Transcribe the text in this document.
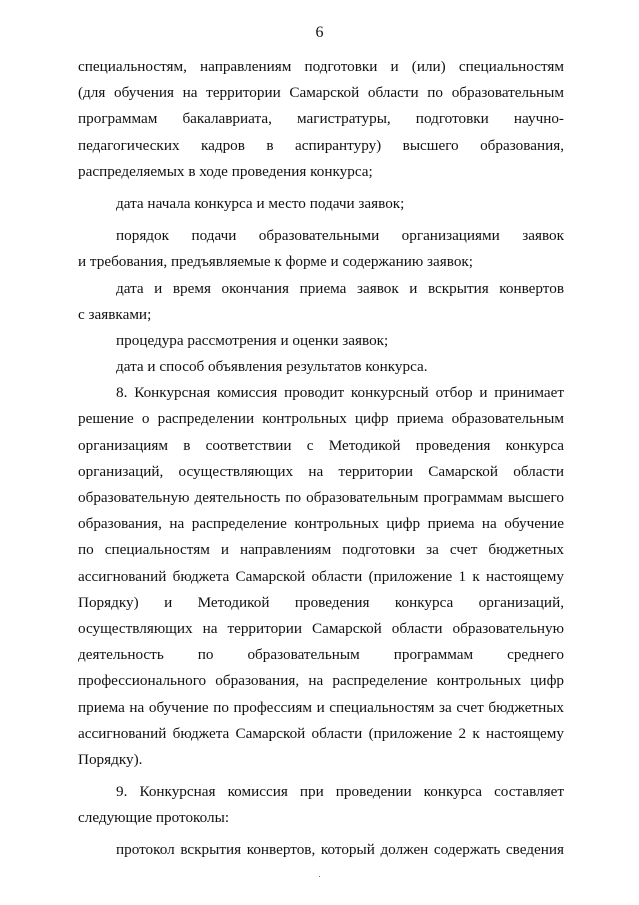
6
специальностям, направлениям подготовки и (или) специальностям
(для обучения на территории Самарской области по образовательным
программам бакалавриата, магистратуры, подготовки научно-
педагогических кадров в аспирантуру) высшего образования,
распределяемых в ходе проведения конкурса;
дата начала конкурса и место подачи заявок;
порядок подачи образовательными организациями заявок
и требования, предъявляемые к форме и содержанию заявок;
дата и время окончания приема заявок и вскрытия конвертов
с заявками;
процедура рассмотрения и оценки заявок;
дата и способ объявления результатов конкурса.
8. Конкурсная комиссия проводит конкурсный отбор и принимает
решение о распределении контрольных цифр приема образовательным
организациям в соответствии с Методикой проведения конкурса
организаций, осуществляющих на территории Самарской области
образовательную деятельность по образовательным программам высшего
образования, на распределение контрольных цифр приема на обучение
по специальностям и направлениям подготовки за счет бюджетных
ассигнований бюджета Самарской области (приложение 1 к настоящему
Порядку) и Методикой проведения конкурса организаций,
осуществляющих на территории Самарской области образовательную
деятельность по образовательным программам среднего
профессионального образования, на распределение контрольных цифр
приема на обучение по профессиям и специальностям за счет бюджетных
ассигнований бюджета Самарской области (приложение 2 к настоящему
Порядку).
9. Конкурсная комиссия при проведении конкурса составляет
следующие протоколы:
протокол вскрытия конвертов, который должен содержать сведения
